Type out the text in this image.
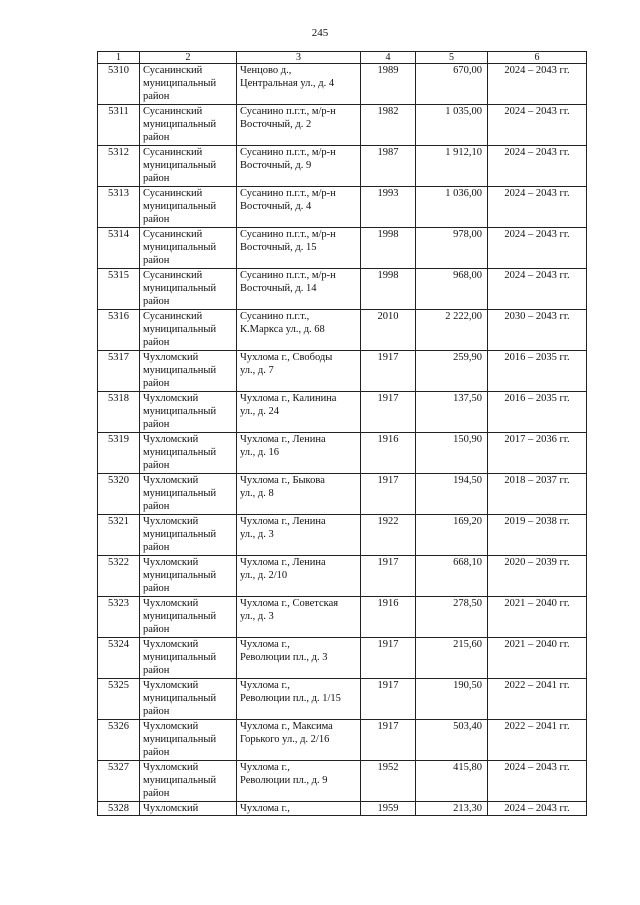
245
1	2	3	4	5	6
5310	Сусанинский
муниципальный
район	Ченцово д.,
Центральная ул., д. 4	1989	670,00	2024 – 2043 гг.
5311	Сусанинский
муниципальный
район	Сусанино п.г.т., м/р-н
Восточный, д. 2	1982	1 035,00	2024 – 2043 гг.
5312	Сусанинский
муниципальный
район	Сусанино п.г.т., м/р-н
Восточный, д. 9	1987	1 912,10	2024 – 2043 гг.
5313	Сусанинский
муниципальный
район	Сусанино п.г.т., м/р-н
Восточный, д. 4	1993	1 036,00	2024 – 2043 гг.
5314	Сусанинский
муниципальный
район	Сусанино п.г.т., м/р-н
Восточный, д. 15	1998	978,00	2024 – 2043 гг.
5315	Сусанинский
муниципальный
район	Сусанино п.г.т., м/р-н
Восточный, д. 14	1998	968,00	2024 – 2043 гг.
5316	Сусанинский
муниципальный
район	Сусанино п.г.т.,
К.Маркса ул., д. 68	2010	2 222,00	2030 – 2043 гг.
5317	Чухломский
муниципальный
район	Чухлома г., Свободы
ул., д. 7	1917	259,90	2016 – 2035 гг.
5318	Чухломский
муниципальный
район	Чухлома г., Калинина
ул., д. 24	1917	137,50	2016 – 2035 гг.
5319	Чухломский
муниципальный
район	Чухлома г., Ленина
ул., д. 16	1916	150,90	2017 – 2036 гг.
5320	Чухломский
муниципальный
район	Чухлома г., Быкова
ул., д. 8	1917	194,50	2018 – 2037 гг.
5321	Чухломский
муниципальный
район	Чухлома г., Ленина
ул., д. 3	1922	169,20	2019 – 2038 гг.
5322	Чухломский
муниципальный
район	Чухлома г., Ленина
ул., д. 2/10	1917	668,10	2020 – 2039 гг.
5323	Чухломский
муниципальный
район	Чухлома г., Советская
ул., д. 3	1916	278,50	2021 – 2040 гг.
5324	Чухломский
муниципальный
район	Чухлома г.,
Революции пл., д. 3	1917	215,60	2021 – 2040 гг.
5325	Чухломский
муниципальный
район	Чухлома г.,
Революции пл., д. 1/15	1917	190,50	2022 – 2041 гг.
5326	Чухломский
муниципальный
район	Чухлома г., Максима
Горького ул., д. 2/16	1917	503,40	2022 – 2041 гг.
5327	Чухломский
муниципальный
район	Чухлома г.,
Революции пл., д. 9	1952	415,80	2024 – 2043 гг.
5328	Чухломский	Чухлома г.,	1959	213,30	2024 – 2043 гг.
